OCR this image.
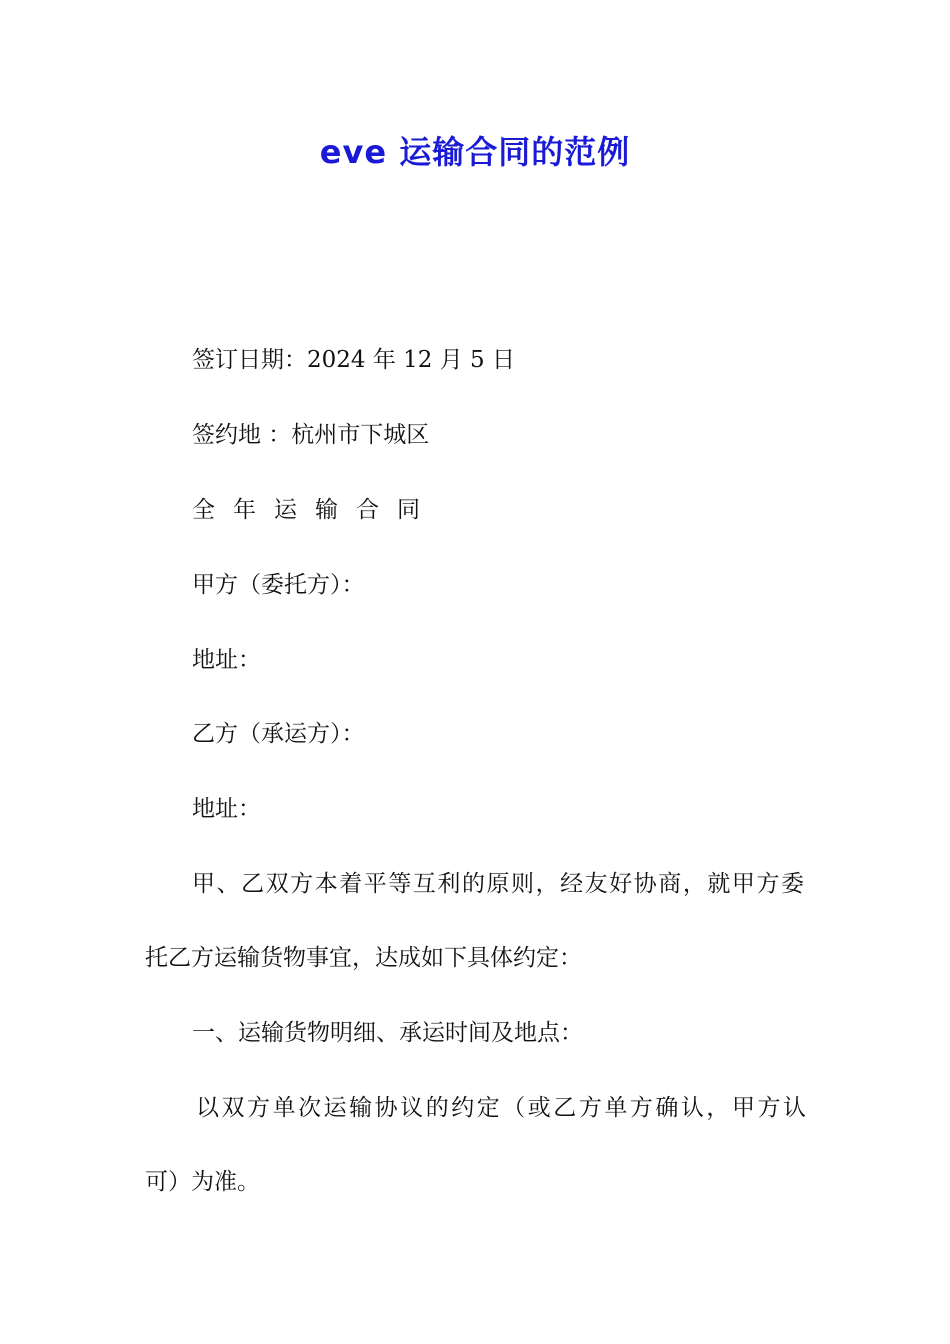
eve 运输合同的范例

签订日期：2024 年 12 月 5 日

签约地 ：杭州市下城区

全年运输合同

甲方（委托方）：

地址：

乙方（承运方）：

地址：

甲、乙双方本着平等互利的原则，经友好协商，就甲方委

托乙方运输货物事宜，达成如下具体约定：

一、运输货物明细、承运时间及地点：

以双方单次运输协议的约定（或乙方单方确认，甲方认

可）为准。
